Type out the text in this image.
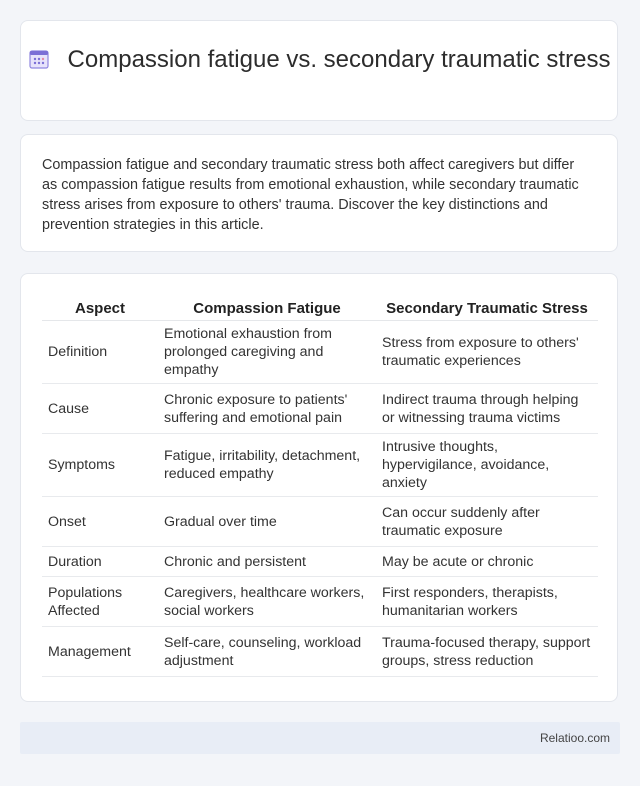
Compassion fatigue vs. secondary traumatic stress
Compassion fatigue and secondary traumatic stress both affect caregivers but differ as compassion fatigue results from emotional exhaustion, while secondary traumatic stress arises from exposure to others' trauma. Discover the key distinctions and prevention strategies in this article.
Aspect	Compassion Fatigue	Secondary Traumatic Stress
Definition	Emotional exhaustion from prolonged caregiving and empathy	Stress from exposure to others' traumatic experiences
Cause	Chronic exposure to patients' suffering and emotional pain	Indirect trauma through helping or witnessing trauma victims
Symptoms	Fatigue, irritability, detachment, reduced empathy	Intrusive thoughts, hypervigilance, avoidance, anxiety
Onset	Gradual over time	Can occur suddenly after traumatic exposure
Duration	Chronic and persistent	May be acute or chronic
Populations Affected	Caregivers, healthcare workers, social workers	First responders, therapists, humanitarian workers
Management	Self-care, counseling, workload adjustment	Trauma-focused therapy, support groups, stress reduction
Relatioo.com
